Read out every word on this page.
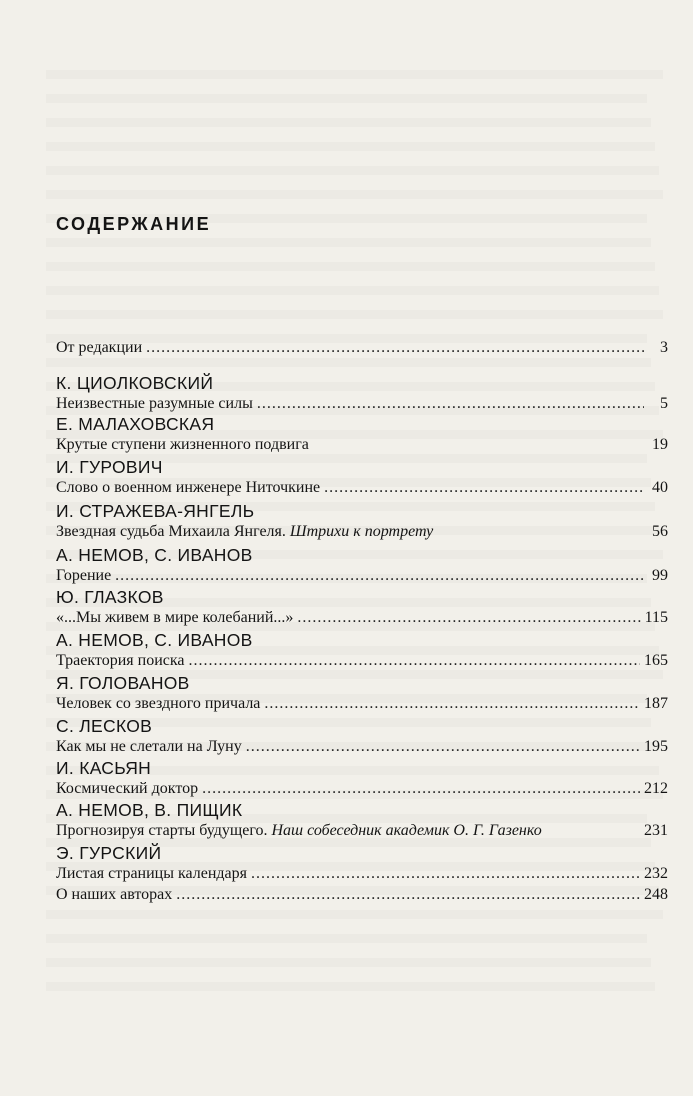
СОДЕРЖАНИЕ
От редакции . . .	3
К. ЦИОЛКОВСКИЙ
Неизвестные разумные силы . . .	5
Е. МАЛАХОВСКАЯ
Крутые ступени жизненного подвига	19
И. ГУРОВИЧ
Слово о военном инженере Ниточкине . . .	40
И. СТРАЖЕВА-ЯНГЕЛЬ
Звездная судьба Михаила Янгеля. Штрихи к портрету	56
А. НЕМОВ, С. ИВАНОВ
Горение . . .	99
Ю. ГЛАЗКОВ
«...Мы живем в мире колебаний...» . . .	115
А. НЕМОВ, С. ИВАНОВ
Траектория поиска . . .	165
Я. ГОЛОВАНОВ
Человек со звездного причала . . .	187
С. ЛЕСКОВ
Как мы не слетали на Луну . . .	195
И. КАСЬЯН
Космический доктор . . .	212
А. НЕМОВ, В. ПИЩИК
Прогнозируя старты будущего. Наш собеседник академик О. Г. Газенко	231
Э. ГУРСКИЙ
Листая страницы календаря . . .	232
О наших авторах . . .	248
